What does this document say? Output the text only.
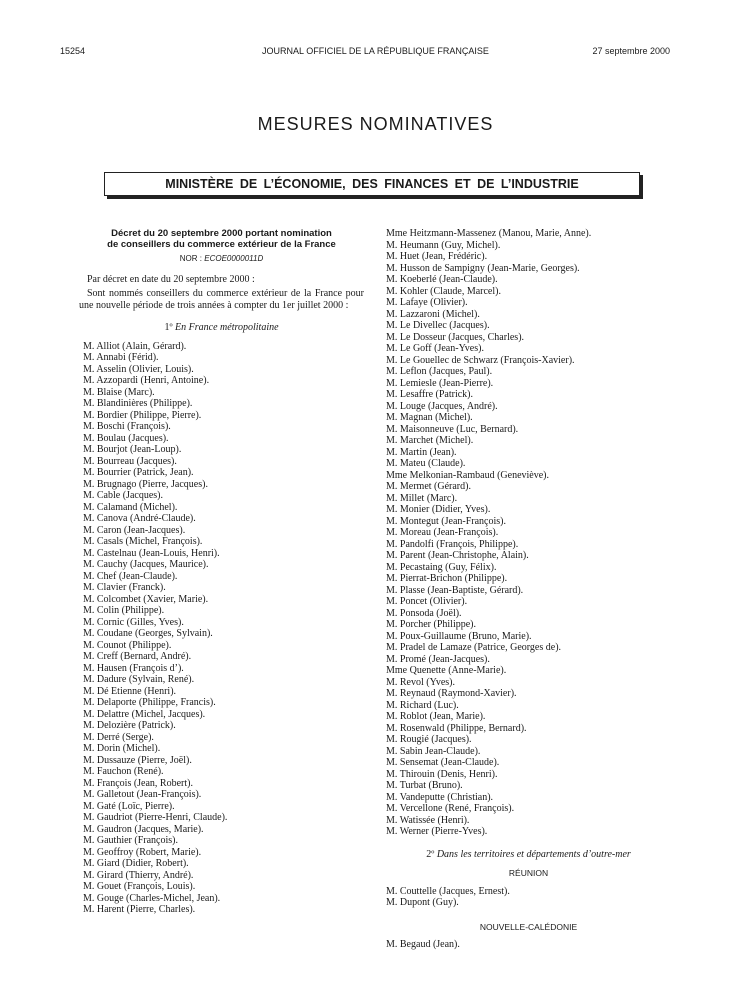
15254	JOURNAL OFFICIEL DE LA RÉPUBLIQUE FRANÇAISE	27 septembre 2000
MESURES NOMINATIVES
MINISTÈRE DE L’ÉCONOMIE, DES FINANCES ET DE L’INDUSTRIE
Décret du 20 septembre 2000 portant nomination
de conseillers du commerce extérieur de la France
NOR : ECOE0000011D
Par décret en date du 20 septembre 2000 :
Sont nommés conseillers du commerce extérieur de la France pour une nouvelle période de trois années à compter du 1er juillet 2000 :
1º En France métropolitaine
M. Alliot (Alain, Gérard).
M. Annabi (Férid).
M. Asselin (Olivier, Louis).
M. Azzopardi (Henri, Antoine).
M. Blaise (Marc).
M. Blandinières (Philippe).
M. Bordier (Philippe, Pierre).
M. Boschi (François).
M. Boulau (Jacques).
M. Bourjot (Jean-Loup).
M. Bourreau (Jacques).
M. Bourrier (Patrick, Jean).
M. Brugnago (Pierre, Jacques).
M. Cable (Jacques).
M. Calamand (Michel).
M. Canova (André-Claude).
M. Caron (Jean-Jacques).
M. Casals (Michel, François).
M. Castelnau (Jean-Louis, Henri).
M. Cauchy (Jacques, Maurice).
M. Chef (Jean-Claude).
M. Clavier (Franck).
M. Colcombet (Xavier, Marie).
M. Colin (Philippe).
M. Cornic (Gilles, Yves).
M. Coudane (Georges, Sylvain).
M. Counot (Philippe).
M. Creff (Bernard, André).
M. Hausen (François d’).
M. Dadure (Sylvain, René).
M. Dé Etienne (Henri).
M. Delaporte (Philippe, Francis).
M. Delattre (Michel, Jacques).
M. Delozière (Patrick).
M. Derré (Serge).
M. Dorin (Michel).
M. Dussauze (Pierre, Joël).
M. Fauchon (René).
M. François (Jean, Robert).
M. Galletout (Jean-François).
M. Gaté (Loïc, Pierre).
M. Gaudriot (Pierre-Henri, Claude).
M. Gaudron (Jacques, Marie).
M. Gauthier (François).
M. Geoffroy (Robert, Marie).
M. Giard (Didier, Robert).
M. Girard (Thierry, André).
M. Gouet (François, Louis).
M. Gouge (Charles-Michel, Jean).
M. Harent (Pierre, Charles).
Mme Heitzmann-Massenez (Manou, Marie, Anne).
M. Heumann (Guy, Michel).
M. Huet (Jean, Frédéric).
M. Husson de Sampigny (Jean-Marie, Georges).
M. Koeberlé (Jean-Claude).
M. Kohler (Claude, Marcel).
M. Lafaye (Olivier).
M. Lazzaroni (Michel).
M. Le Divellec (Jacques).
M. Le Dosseur (Jacques, Charles).
M. Le Goff (Jean-Yves).
M. Le Gouellec de Schwarz (François-Xavier).
M. Leflon (Jacques, Paul).
M. Lemiesle (Jean-Pierre).
M. Lesaffre (Patrick).
M. Louge (Jacques, André).
M. Magnan (Michel).
M. Maisonneuve (Luc, Bernard).
M. Marchet (Michel).
M. Martin (Jean).
M. Mateu (Claude).
Mme Melkonian-Rambaud (Geneviève).
M. Mermet (Gérard).
M. Millet (Marc).
M. Monier (Didier, Yves).
M. Montegut (Jean-François).
M. Moreau (Jean-François).
M. Pandolfi (François, Philippe).
M. Parent (Jean-Christophe, Alain).
M. Pecastaing (Guy, Félix).
M. Pierrat-Brichon (Philippe).
M. Plasse (Jean-Baptiste, Gérard).
M. Poncet (Olivier).
M. Ponsoda (Joël).
M. Porcher (Philippe).
M. Poux-Guillaume (Bruno, Marie).
M. Pradel de Lamaze (Patrice, Georges de).
M. Promé (Jean-Jacques).
Mme Quenette (Anne-Marie).
M. Revol (Yves).
M. Reynaud (Raymond-Xavier).
M. Richard (Luc).
M. Roblot (Jean, Marie).
M. Rosenwald (Philippe, Bernard).
M. Rougié (Jacques).
M. Sabin Jean-Claude).
M. Sensemat (Jean-Claude).
M. Thirouin (Denis, Henri).
M. Turbat (Bruno).
M. Vandeputte (Christian).
M. Vercellone (René, François).
M. Watissée (Henri).
M. Werner (Pierre-Yves).
2º Dans les territoires et départements d’outre-mer
RÉUNION
M. Couttelle (Jacques, Ernest).
M. Dupont (Guy).
NOUVELLE-CALÉDONIE
M. Begaud (Jean).
